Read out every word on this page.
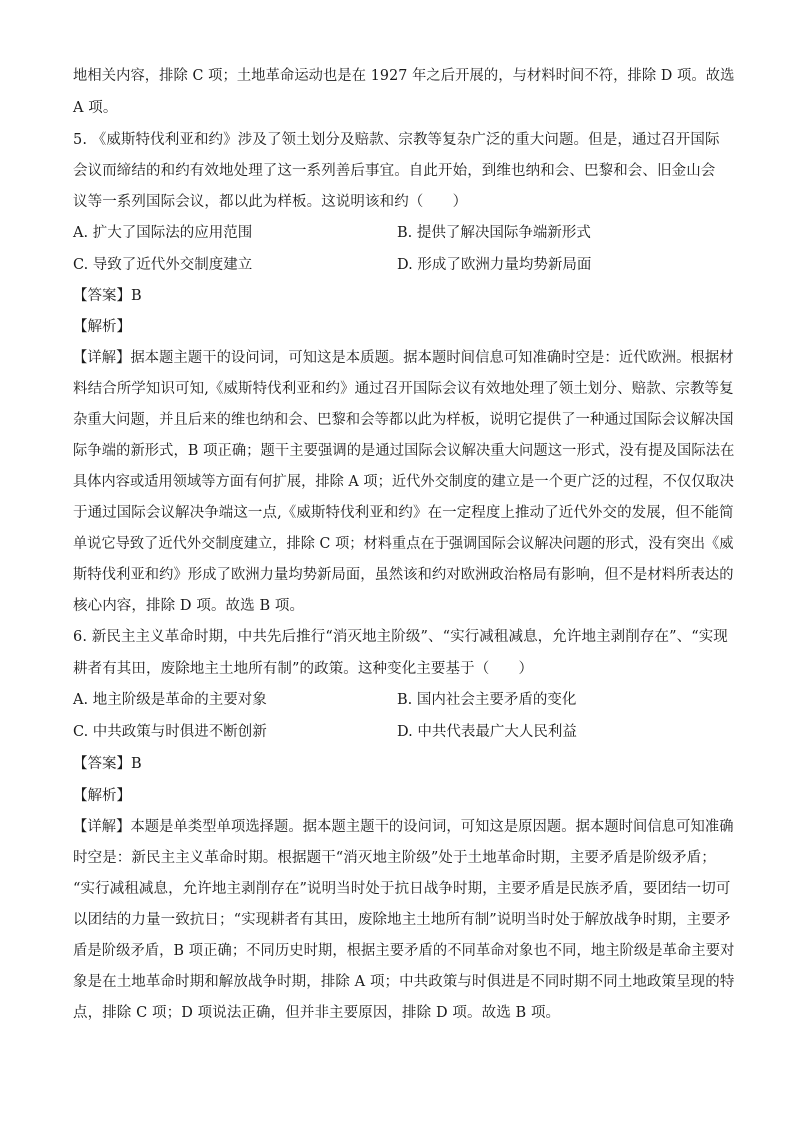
地相关内容，排除 C 项；土地革命运动也是在 1927 年之后开展的，与材料时间不符，排除 D 项。故选
A 项。
5. 《威斯特伐利亚和约》涉及了领土划分及赔款、宗教等复杂广泛的重大问题。但是，通过召开国际
会议而缔结的和约有效地处理了这一系列善后事宜。自此开始，到维也纳和会、巴黎和会、旧金山会
议等一系列国际会议，都以此为样板。这说明该和约（　　）
A. 扩大了国际法的应用范围	B. 提供了解决国际争端新形式
C. 导致了近代外交制度建立	D. 形成了欧洲力量均势新局面
【答案】B
【解析】
【详解】据本题主题干的设问词，可知这是本质题。据本题时间信息可知准确时空是：近代欧洲。根据材
料结合所学知识可知,《威斯特伐利亚和约》通过召开国际会议有效地处理了领土划分、赔款、宗教等复
杂重大问题，并且后来的维也纳和会、巴黎和会等都以此为样板，说明它提供了一种通过国际会议解决国
际争端的新形式，B 项正确；题干主要强调的是通过国际会议解决重大问题这一形式，没有提及国际法在
具体内容或适用领域等方面有何扩展，排除 A 项；近代外交制度的建立是一个更广泛的过程，不仅仅取决
于通过国际会议解决争端这一点,《威斯特伐利亚和约》在一定程度上推动了近代外交的发展，但不能简
单说它导致了近代外交制度建立，排除 C 项；材料重点在于强调国际会议解决问题的形式，没有突出《威
斯特伐利亚和约》形成了欧洲力量均势新局面，虽然该和约对欧洲政治格局有影响，但不是材料所表达的
核心内容，排除 D 项。故选 B 项。
6. 新民主主义革命时期，中共先后推行“消灭地主阶级”、“实行减租减息，允许地主剥削存在”、“实现
耕者有其田，废除地主土地所有制”的政策。这种变化主要基于（　　）
A. 地主阶级是革命的主要对象	B. 国内社会主要矛盾的变化
C. 中共政策与时俱进不断创新	D. 中共代表最广大人民利益
【答案】B
【解析】
【详解】本题是单类型单项选择题。据本题主题干的设问词，可知这是原因题。据本题时间信息可知准确
时空是：新民主主义革命时期。根据题干“消灭地主阶级”处于土地革命时期，主要矛盾是阶级矛盾；
“实行减租减息，允许地主剥削存在”说明当时处于抗日战争时期，主要矛盾是民族矛盾，要团结一切可
以团结的力量一致抗日；“实现耕者有其田，废除地主土地所有制”说明当时处于解放战争时期，主要矛
盾是阶级矛盾，B 项正确；不同历史时期，根据主要矛盾的不同革命对象也不同，地主阶级是革命主要对
象是在土地革命时期和解放战争时期，排除 A 项；中共政策与时俱进是不同时期不同土地政策呈现的特
点，排除 C 项；D 项说法正确，但并非主要原因，排除 D 项。故选 B 项。
